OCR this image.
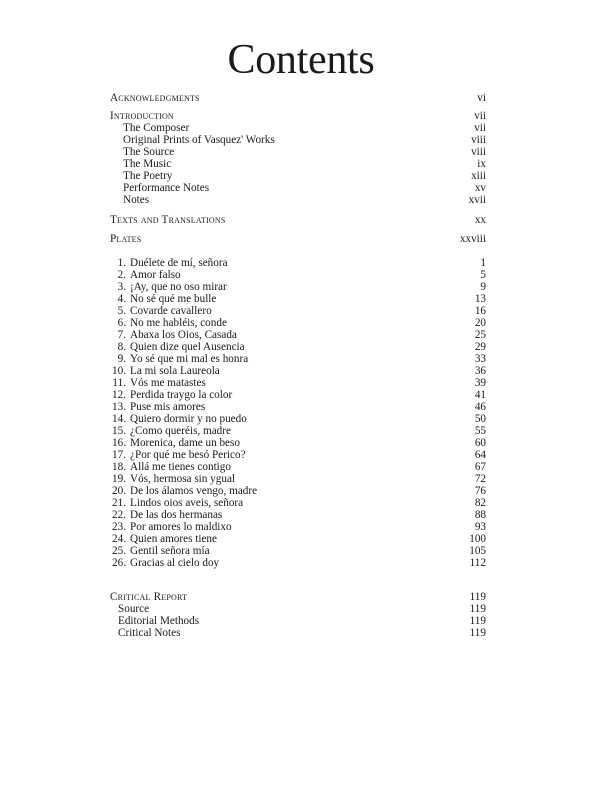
Contents
Acknowledgments	vi
Introduction	vii
The Composer	vii
Original Prints of Vasquez' Works	viii
The Source	viii
The Music	ix
The Poetry	xiii
Performance Notes	xv
Notes	xvii
Texts and Translations	xx
Plates	xxviii
1. Duélete de mí, señora	1
2. Amor falso	5
3. ¡Ay, que no oso mirar	9
4. No sé qué me bulle	13
5. Covarde cavallero	16
6. No me habléis, conde	20
7. Abaxa los Oios, Casada	25
8. Quien dize quel Ausencia	29
9. Yo sé que mi mal es honra	33
10. La mi sola Laureola	36
11. Vós me matastes	39
12. Perdida traygo la color	41
13. Puse mis amores	46
14. Quiero dormir y no puedo	50
15. ¿Como queréis, madre	55
16. Morenica, dame un beso	60
17. ¿Por qué me besó Perico?	64
18. Allá me tienes contigo	67
19. Vós, hermosa sin ygual	72
20. De los álamos vengo, madre	76
21. Lindos oios aveis, señora	82
22. De las dos hermanas	88
23. Por amores lo maldixo	93
24. Quien amores tiene	100
25. Gentil señora mía	105
26. Gracias al cielo doy	112
Critical Report	119
Source	119
Editorial Methods	119
Critical Notes	119
